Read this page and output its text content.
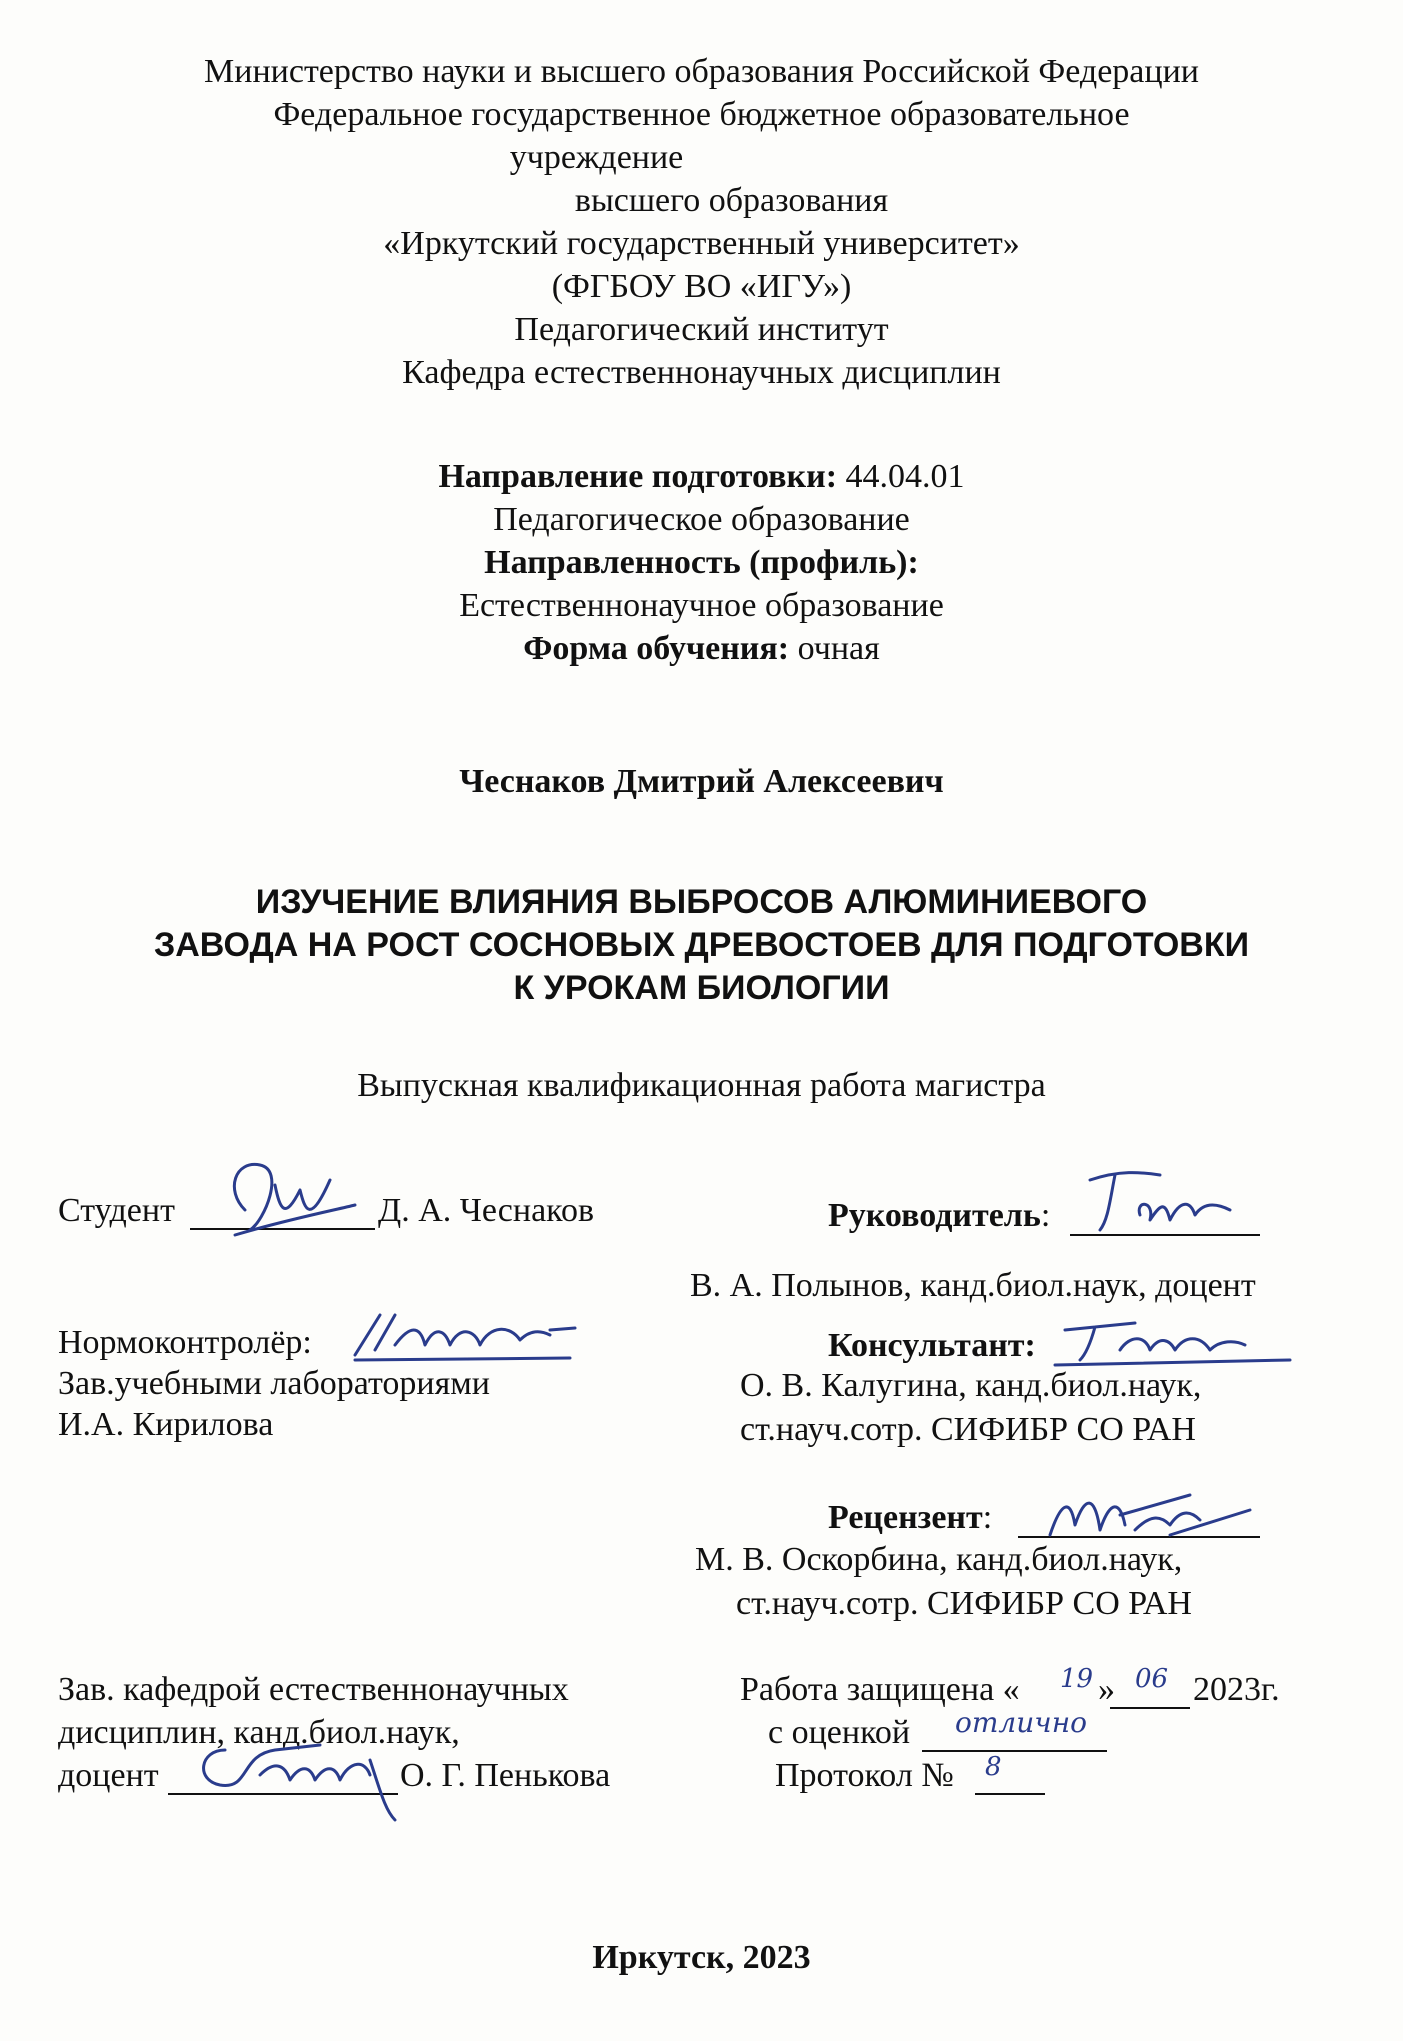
Министерство науки и высшего образования Российской Федерации
Федеральное государственное бюджетное образовательное
учреждение
высшего образования
«Иркутский государственный университет»
(ФГБОУ ВО «ИГУ»)
Педагогический институт
Кафедра естественнонаучных дисциплин
Направление подготовки: 44.04.01
Педагогическое образование
Направленность (профиль):
Естественнонаучное образование
Форма обучения: очная
Чеснаков Дмитрий Алексеевич
ИЗУЧЕНИЕ ВЛИЯНИЯ ВЫБРОСОВ АЛЮМИНИЕВОГО
ЗАВОДА НА РОСТ СОСНОВЫХ ДРЕВОСТОЕВ ДЛЯ ПОДГОТОВКИ
К УРОКАМ БИОЛОГИИ
Выпускная квалификационная работа магистра
Студент	Д. А. Чеснаков	Руководитель:
В. А. Полынов, канд.биол.наук, доцент
Нормоконтролёр:
Зав.учебными лабораториями
И.А. Кирилова
Консультант:
О. В. Калугина, канд.биол.наук,
ст.науч.сотр. СИФИБР СО РАН
Рецензент:
М. В. Оскорбина, канд.биол.наук,
ст.науч.сотр. СИФИБР СО РАН
Зав. кафедрой естественнонаучных
дисциплин, канд.биол.наук,
доцент	О. Г. Пенькова
Работа защищена « 19 » 06 2023г.
с оценкой отлично
Протокол № 8
Иркутск, 2023
